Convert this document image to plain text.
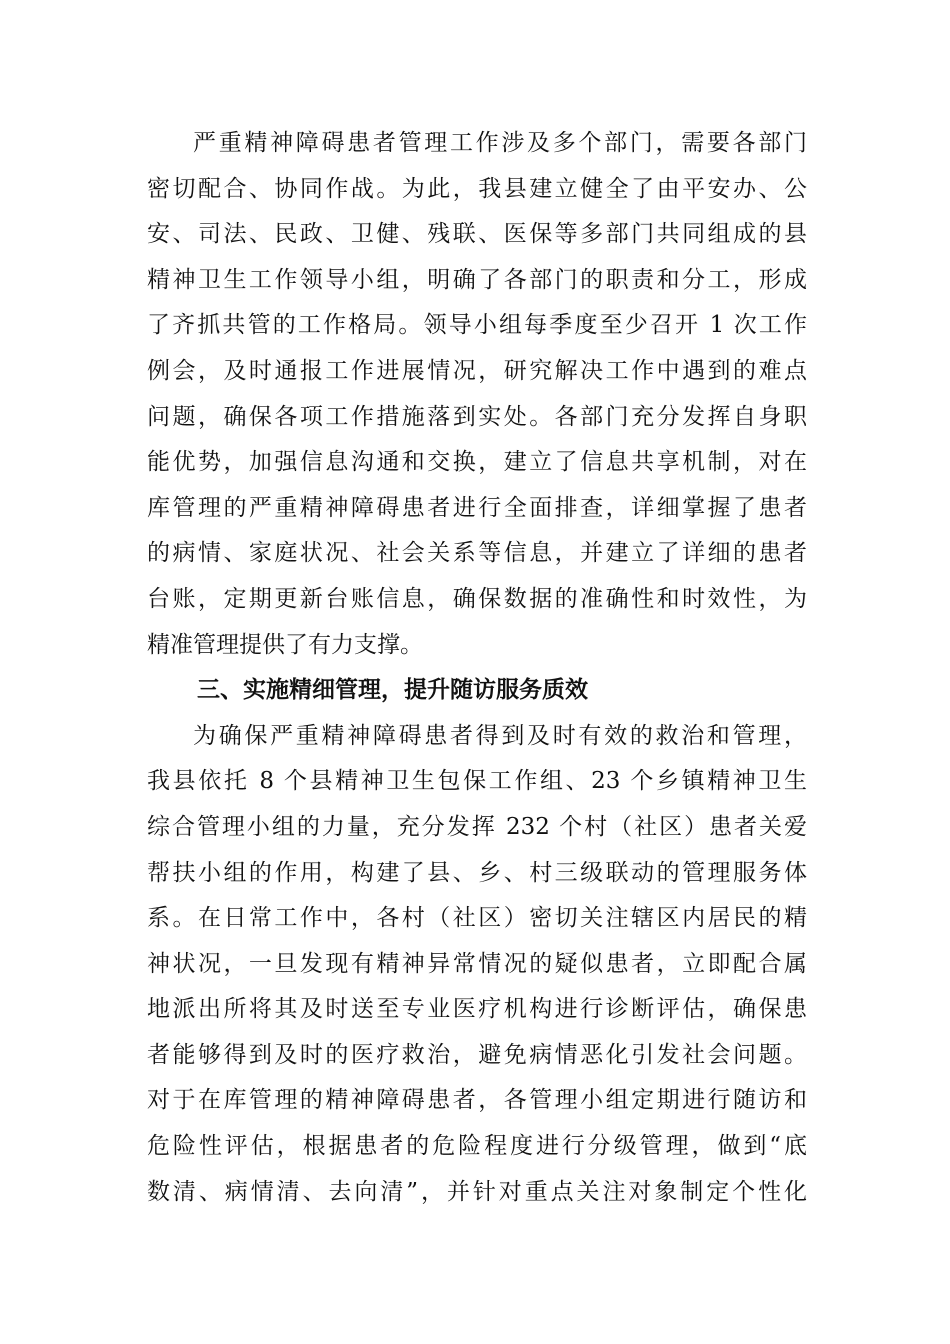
严重精神障碍患者管理工作涉及多个部门，需要各部门
密切配合、协同作战。为此，我县建立健全了由平安办、公
安、司法、民政、卫健、残联、医保等多部门共同组成的县
精神卫生工作领导小组，明确了各部门的职责和分工，形成
了齐抓共管的工作格局。领导小组每季度至少召开 1 次工作
例会，及时通报工作进展情况，研究解决工作中遇到的难点
问题，确保各项工作措施落到实处。各部门充分发挥自身职
能优势，加强信息沟通和交换，建立了信息共享机制，对在
库管理的严重精神障碍患者进行全面排查，详细掌握了患者
的病情、家庭状况、社会关系等信息，并建立了详细的患者
台账，定期更新台账信息，确保数据的准确性和时效性，为
精准管理提供了有力支撑。
三、实施精细管理，提升随访服务质效
为确保严重精神障碍患者得到及时有效的救治和管理，
我县依托 8 个县精神卫生包保工作组、23 个乡镇精神卫生
综合管理小组的力量，充分发挥 232 个村（社区）患者关爱
帮扶小组的作用，构建了县、乡、村三级联动的管理服务体
系。在日常工作中，各村（社区）密切关注辖区内居民的精
神状况，一旦发现有精神异常情况的疑似患者，立即配合属
地派出所将其及时送至专业医疗机构进行诊断评估，确保患
者能够得到及时的医疗救治，避免病情恶化引发社会问题。
对于在库管理的精神障碍患者，各管理小组定期进行随访和
危险性评估，根据患者的危险程度进行分级管理，做到“底
数清、病情清、去向清”，并针对重点关注对象制定个性化
